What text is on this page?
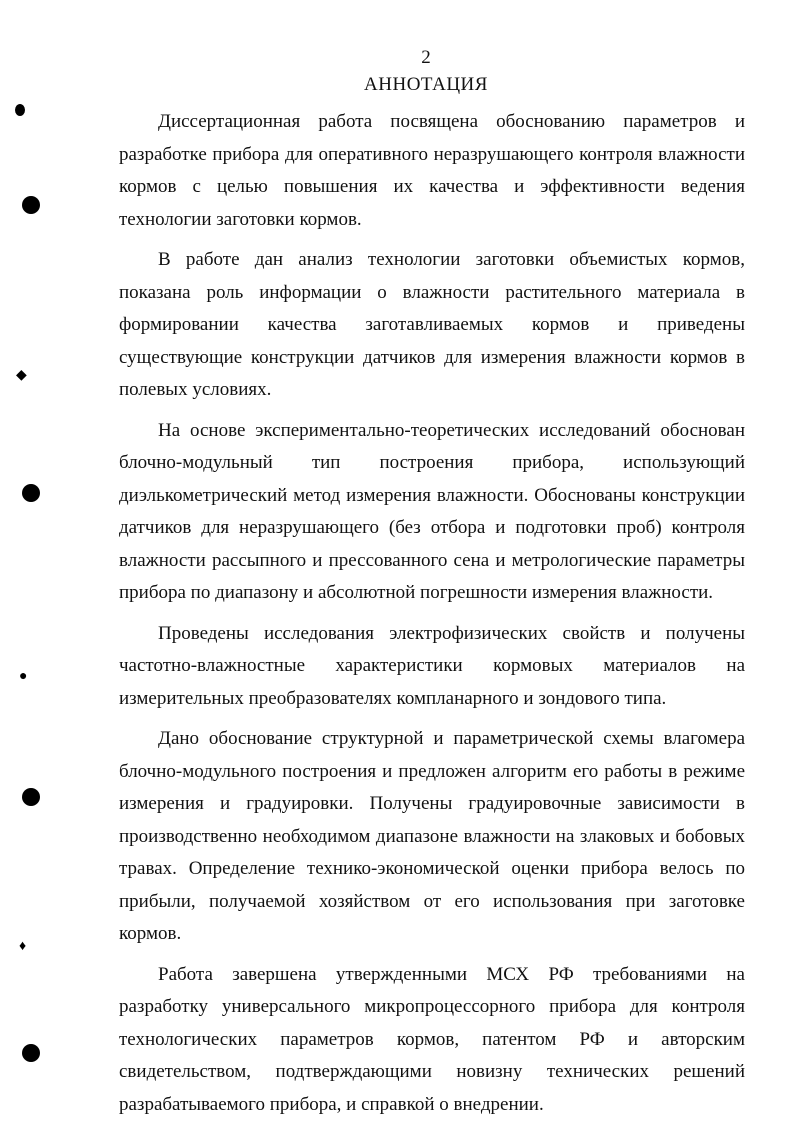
2
АННОТАЦИЯ

Диссертационная работа посвящена обоснованию параметров и разработке прибора для оперативного неразрушающего контроля влажности кормов с целью повышения их качества и эффективности ведения технологии заготовки кормов.

В работе дан анализ технологии заготовки объемистых кормов, показана роль информации о влажности растительного материала в формировании качества заготавливаемых кормов и приведены существующие конструкции датчиков для измерения влажности кормов в полевых условиях.

На основе экспериментально-теоретических исследований обоснован блочно-модульный тип построения прибора, использующий диэлькометрический метод измерения влажности. Обоснованы конструкции датчиков для неразрушающего (без отбора и подготовки проб) контроля влажности рассыпного и прессованного сена и метрологические параметры прибора по диапазону и абсолютной погрешности измерения влажности.

Проведены исследования электрофизических свойств и получены частотно-влажностные характеристики кормовых материалов на измерительных преобразователях компланарного и зондового типа.

Дано обоснование структурной и параметрической схемы влагомера блочно-модульного построения и предложен алгоритм его работы в режиме измерения и градуировки. Получены градуировочные зависимости в производственно необходимом диапазоне влажности на злаковых и бобовых травах. Определение технико-экономической оценки прибора велось по прибыли, получаемой хозяйством от его использования при заготовке кормов.

Работа завершена утвержденными МСХ РФ требованиями на разработку универсального микропроцессорного прибора для контроля технологических параметров кормов, патентом РФ и авторским свидетельством, подтверждающими новизну технических решений разрабатываемого прибора, и справкой о внедрении.

◆
●
♦
